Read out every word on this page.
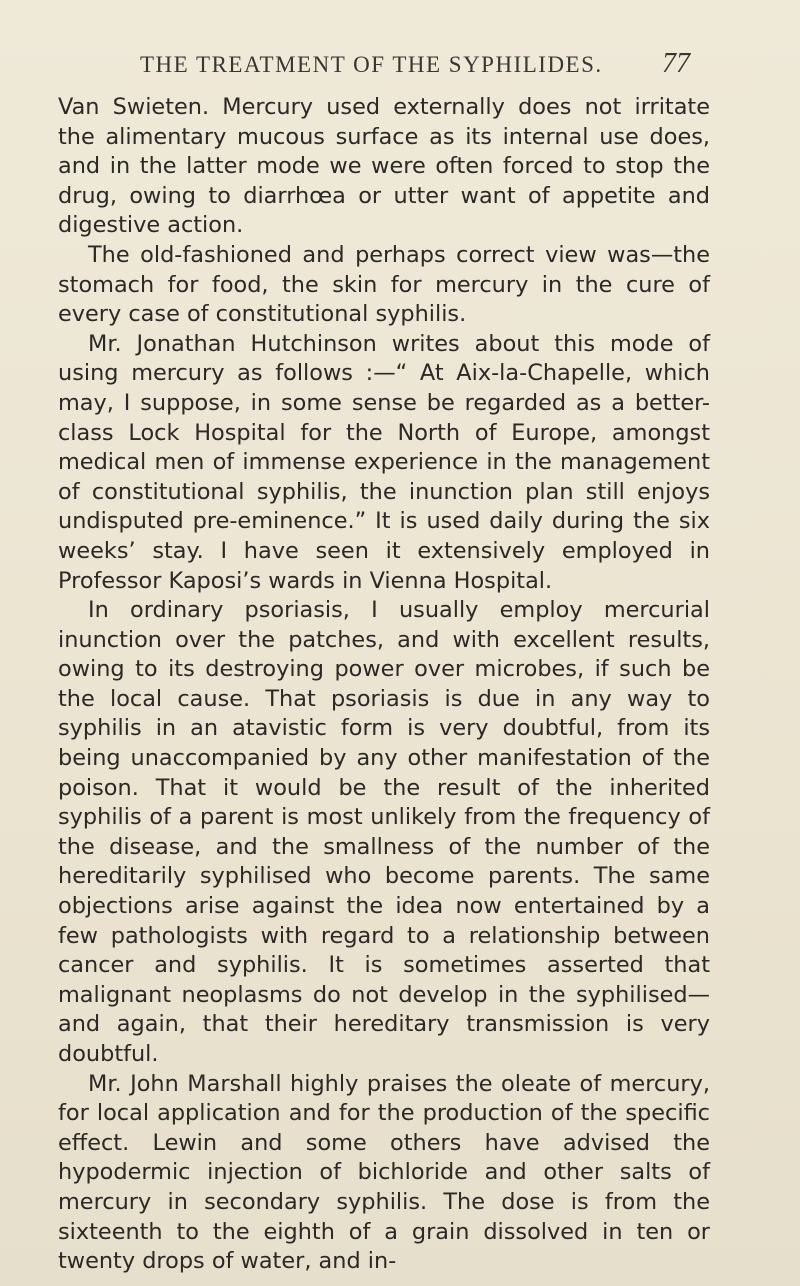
THE TREATMENT OF THE SYPHILIDES. 77

Van Swieten. Mercury used externally does not irritate the alimentary mucous surface as its internal use does, and in the latter mode we were often forced to stop the drug, owing to diarrhœa or utter want of appetite and digestive action.

The old-fashioned and perhaps correct view was—the stomach for food, the skin for mercury in the cure of every case of constitutional syphilis.

Mr. Jonathan Hutchinson writes about this mode of using mercury as follows :—“ At Aix-la-Chapelle, which may, I suppose, in some sense be regarded as a better-class Lock Hospital for the North of Europe, amongst medical men of immense experience in the management of constitutional syphilis, the inunction plan still enjoys undisputed pre-eminence.” It is used daily during the six weeks’ stay. I have seen it extensively employed in Professor Kaposi’s wards in Vienna Hospital.

In ordinary psoriasis, I usually employ mercurial inunction over the patches, and with excellent results, owing to its destroying power over microbes, if such be the local cause. That psoriasis is due in any way to syphilis in an atavistic form is very doubtful, from its being unaccompanied by any other manifestation of the poison. That it would be the result of the inherited syphilis of a parent is most unlikely from the frequency of the disease, and the smallness of the number of the hereditarily syphilised who become parents. The same objections arise against the idea now entertained by a few pathologists with regard to a relationship between cancer and syphilis. It is sometimes asserted that malignant neoplasms do not develop in the syphilised—and again, that their hereditary transmission is very doubtful.

Mr. John Marshall highly praises the oleate of mercury, for local application and for the production of the specific effect. Lewin and some others have advised the hypodermic injection of bichloride and other salts of mercury in secondary syphilis. The dose is from the sixteenth to the eighth of a grain dissolved in ten or twenty drops of water, and in-
